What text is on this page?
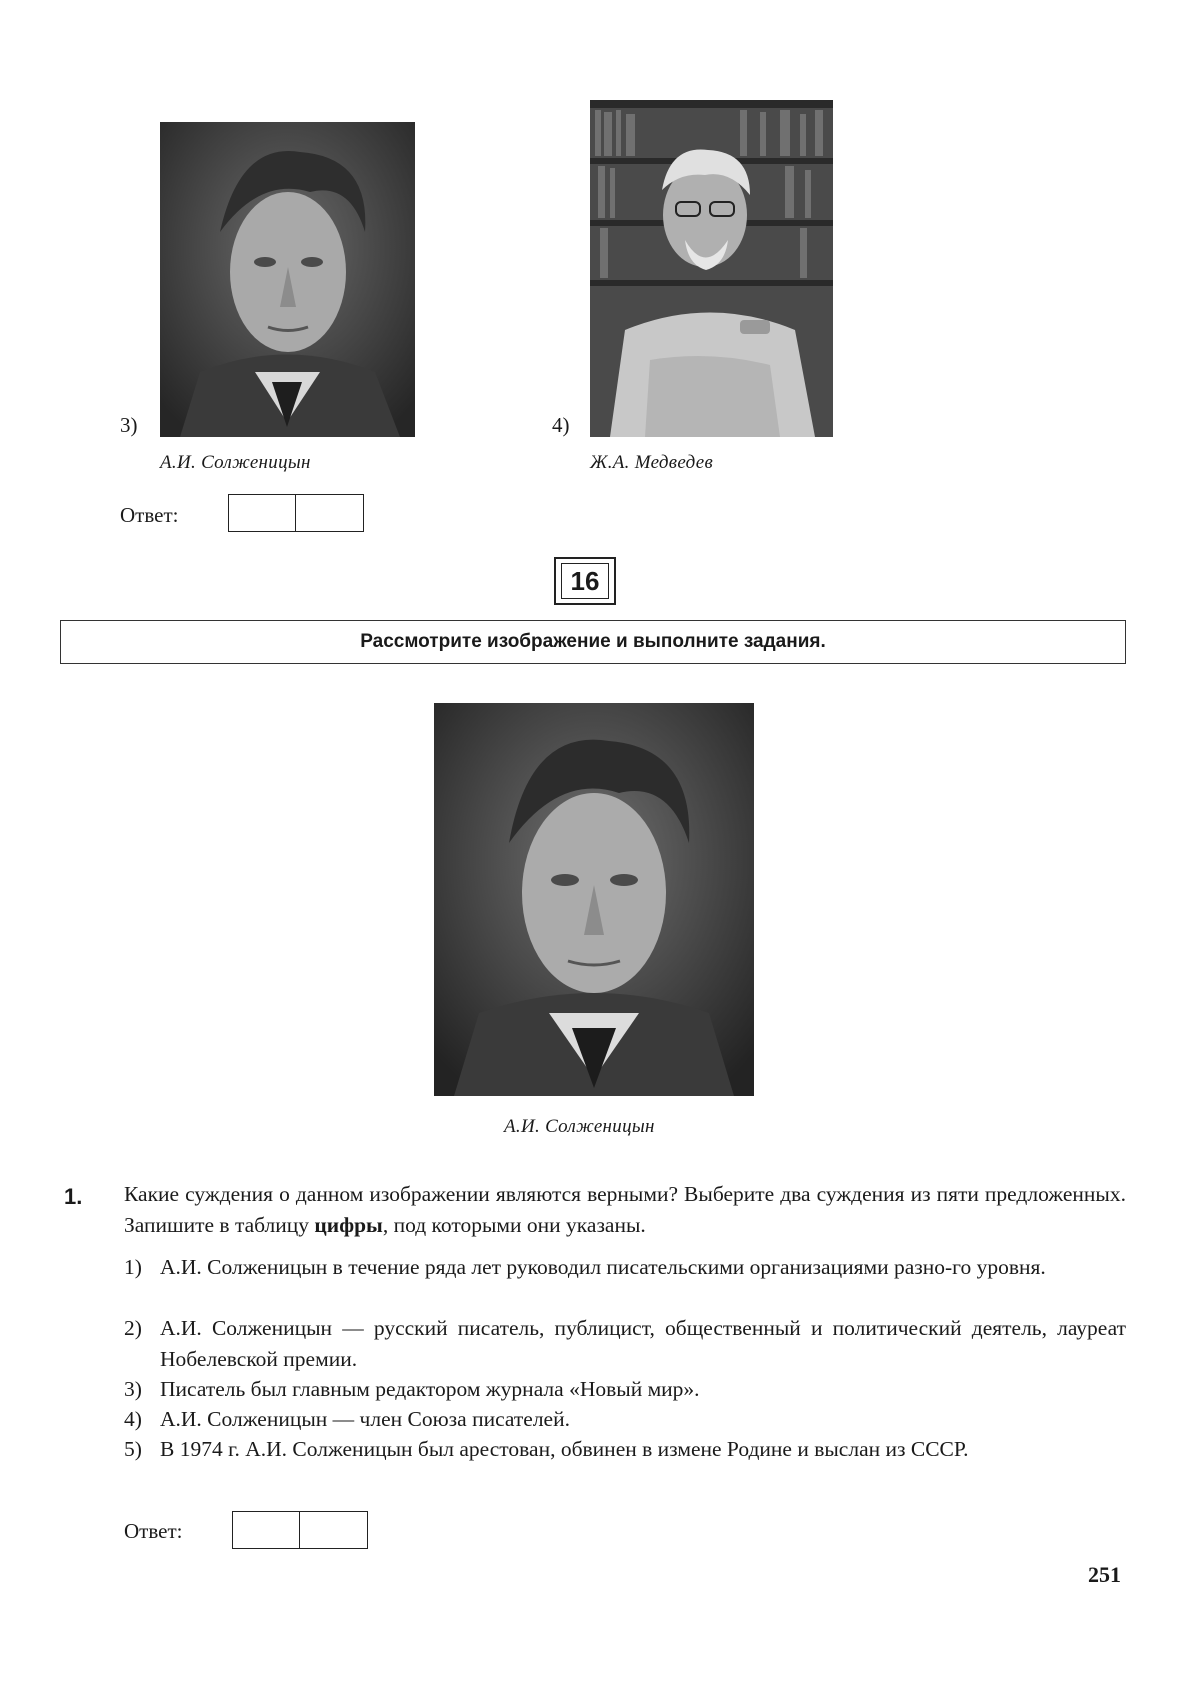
3)
А.И. Солженицын
4)
Ж.А. Медведев
Ответ:
16
Рассмотрите изображение и выполните задания.
А.И. Солженицын
1. Какие суждения о данном изображении являются верными? Выберите два суждения из пяти предложенных. Запишите в таблицу цифры, под которыми они указаны.
1) А.И. Солженицын в течение ряда лет руководил писательскими организациями разно-го уровня.
2) А.И. Солженицын — русский писатель, публицист, общественный и политический деятель, лауреат Нобелевской премии.
3) Писатель был главным редактором журнала «Новый мир».
4) А.И. Солженицын — член Союза писателей.
5) В 1974 г. А.И. Солженицын был арестован, обвинен в измене Родине и выслан из СССР.
Ответ:
251
